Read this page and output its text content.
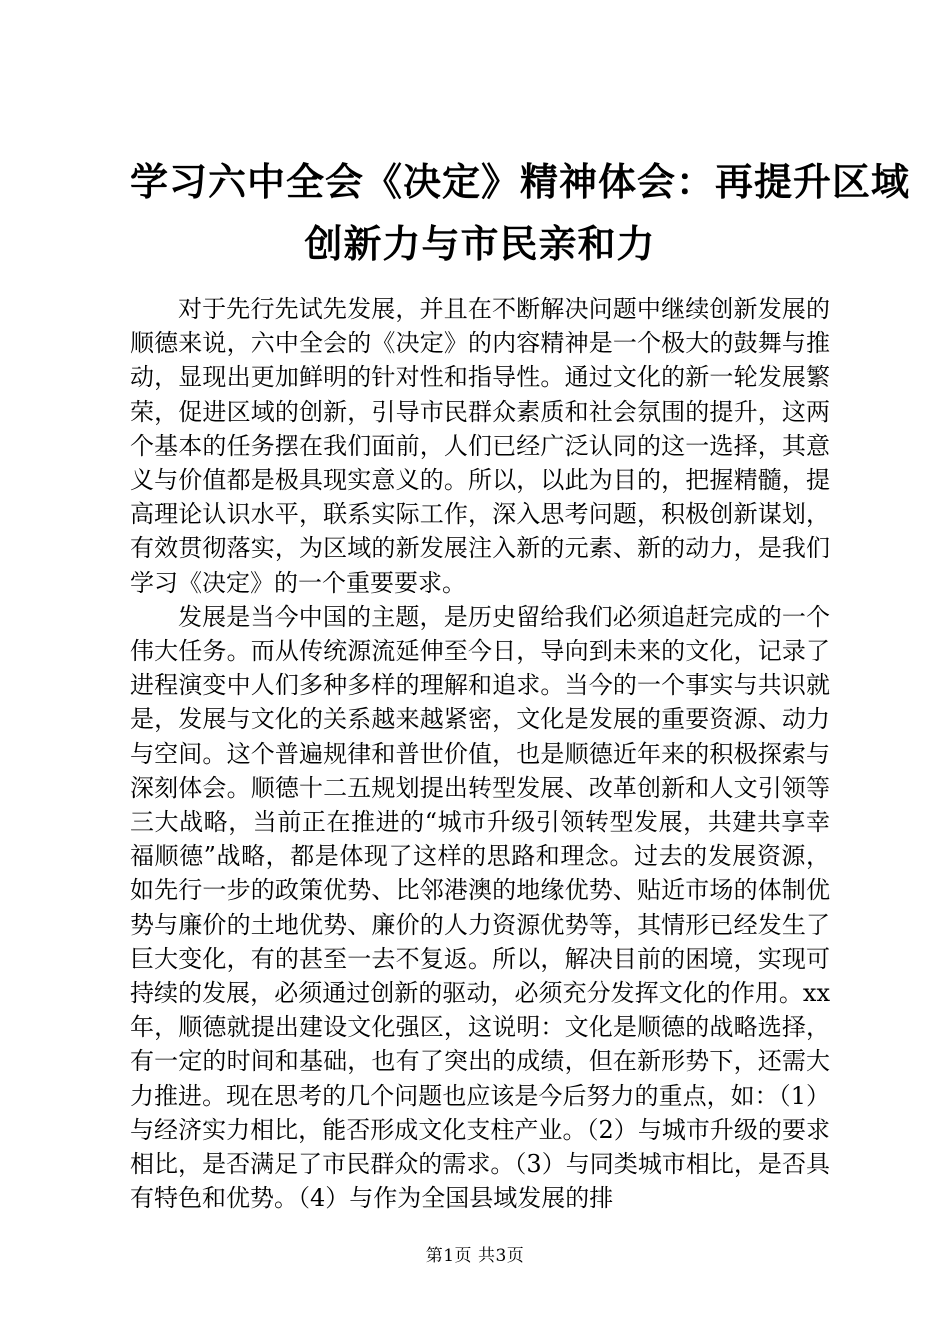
学习六中全会《决定》精神体会：再提升区域
创新力与市民亲和力

对于先行先试先发展，并且在不断解决问题中继续创新发展的顺德来说，六中全会的《决定》的内容精神是一个极大的鼓舞与推动，显现出更加鲜明的针对性和指导性。通过文化的新一轮发展繁荣，促进区域的创新，引导市民群众素质和社会氛围的提升，这两个基本的任务摆在我们面前，人们已经广泛认同的这一选择，其意义与价值都是极具现实意义的。所以，以此为目的，把握精髓，提高理论认识水平，联系实际工作，深入思考问题，积极创新谋划，有效贯彻落实，为区域的新发展注入新的元素、新的动力，是我们学习《决定》的一个重要要求。

发展是当今中国的主题，是历史留给我们必须追赶完成的一个伟大任务。而从传统源流延伸至今日，导向到未来的文化，记录了进程演变中人们多种多样的理解和追求。当今的一个事实与共识就是，发展与文化的关系越来越紧密，文化是发展的重要资源、动力与空间。这个普遍规律和普世价值，也是顺德近年来的积极探索与深刻体会。顺德十二五规划提出转型发展、改革创新和人文引领等三大战略，当前正在推进的“城市升级引领转型发展，共建共享幸福顺德”战略，都是体现了这样的思路和理念。过去的发展资源，如先行一步的政策优势、比邻港澳的地缘优势、贴近市场的体制优势与廉价的土地优势、廉价的人力资源优势等，其情形已经发生了巨大变化，有的甚至一去不复返。所以，解决目前的困境，实现可持续的发展，必须通过创新的驱动，必须充分发挥文化的作用。xx年，顺德就提出建设文化强区，这说明：文化是顺德的战略选择，有一定的时间和基础，也有了突出的成绩，但在新形势下，还需大力推进。现在思考的几个问题也应该是今后努力的重点，如：（1）与经济实力相比，能否形成文化支柱产业。（2）与城市升级的要求相比，是否满足了市民群众的需求。（3）与同类城市相比，是否具有特色和优势。（4）与作为全国县域发展的排

第1页 共3页
